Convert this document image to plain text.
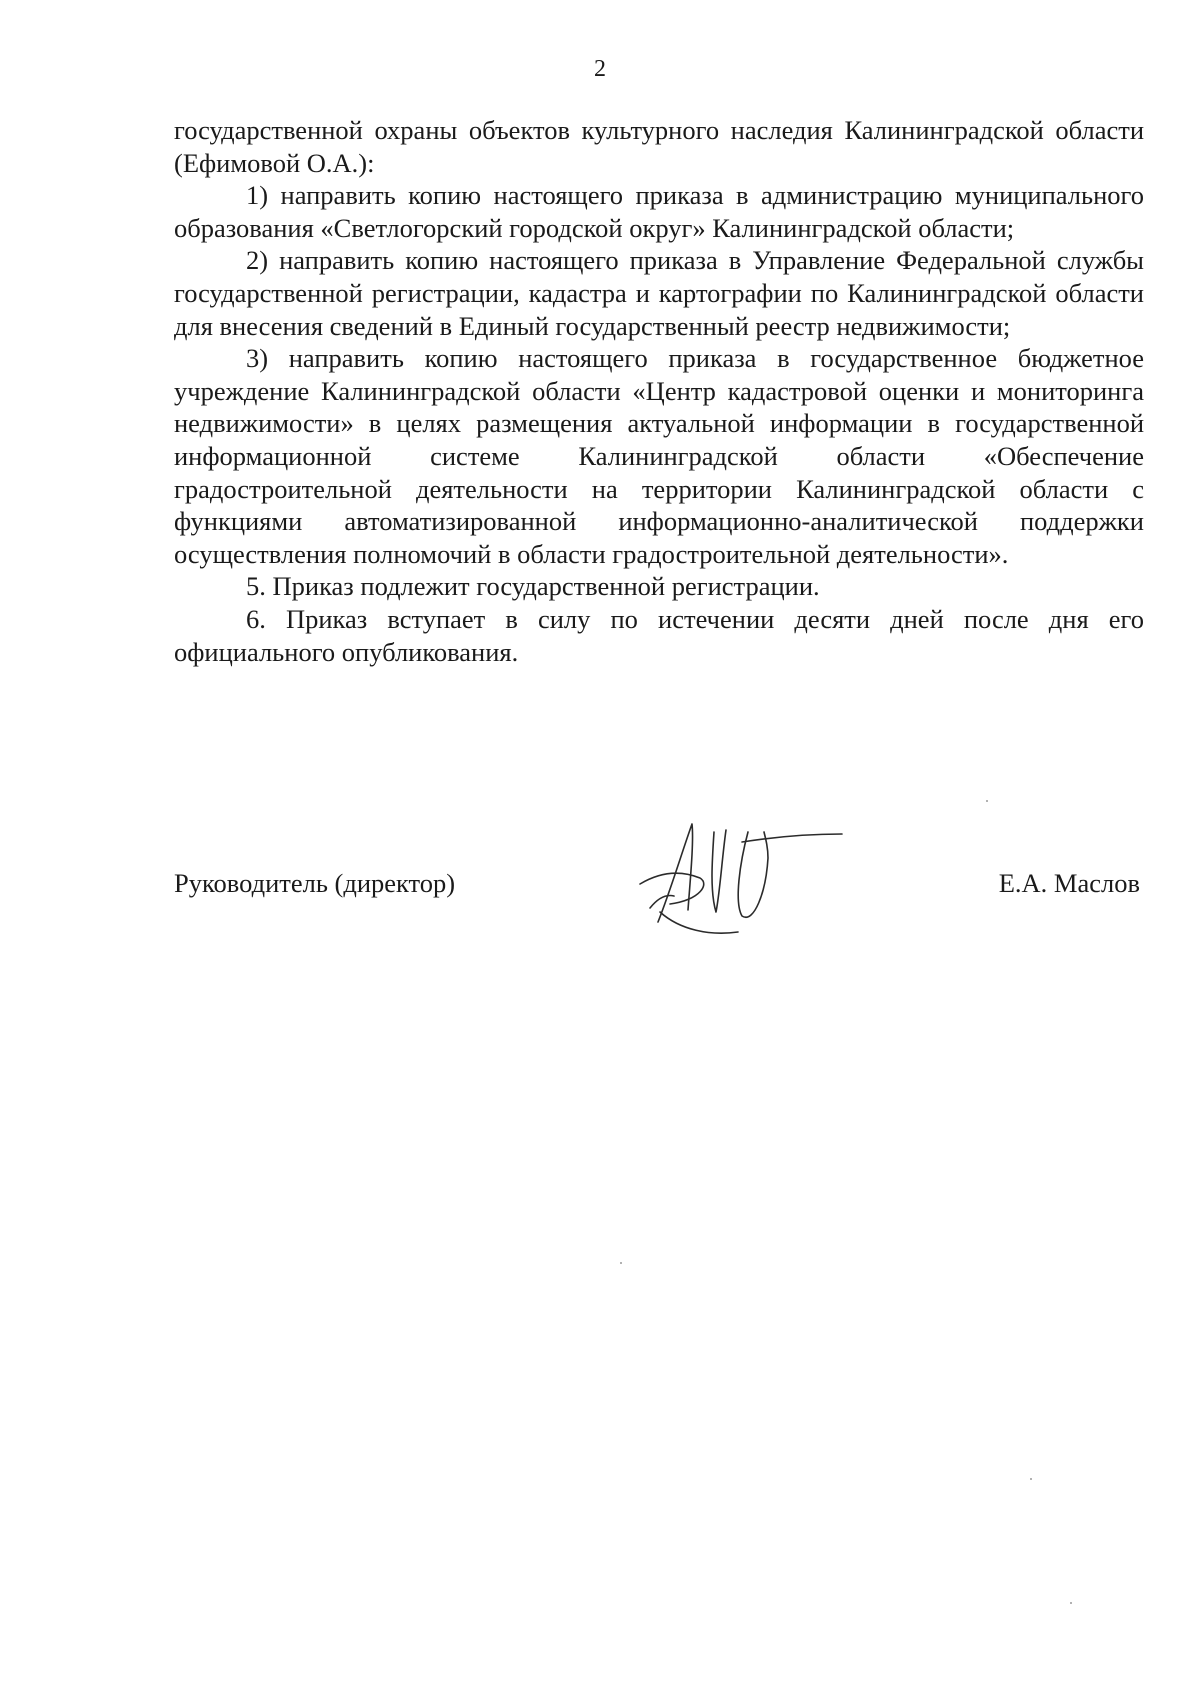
2

государственной охраны объектов культурного наследия Калининградской области (Ефимовой О.А.):

1) направить копию настоящего приказа в администрацию муниципального образования «Светлогорский городской округ» Калининградской области;

2) направить копию настоящего приказа в Управление Федеральной службы государственной регистрации, кадастра и картографии по Калининградской области для внесения сведений в Единый государственный реестр недвижимости;

3) направить копию настоящего приказа в государственное бюджетное учреждение Калининградской области «Центр кадастровой оценки и мониторинга недвижимости» в целях размещения актуальной информации в государственной информационной системе Калининградской области «Обеспечение градостроительной деятельности на территории Калининградской области с функциями автоматизированной информационно-аналитической поддержки осуществления полномочий в области градостроительной деятельности».

5. Приказ подлежит государственной регистрации.

6. Приказ вступает в силу по истечении десяти дней после дня его официального опубликования.

Руководитель (директор)	Е.А. Маслов
